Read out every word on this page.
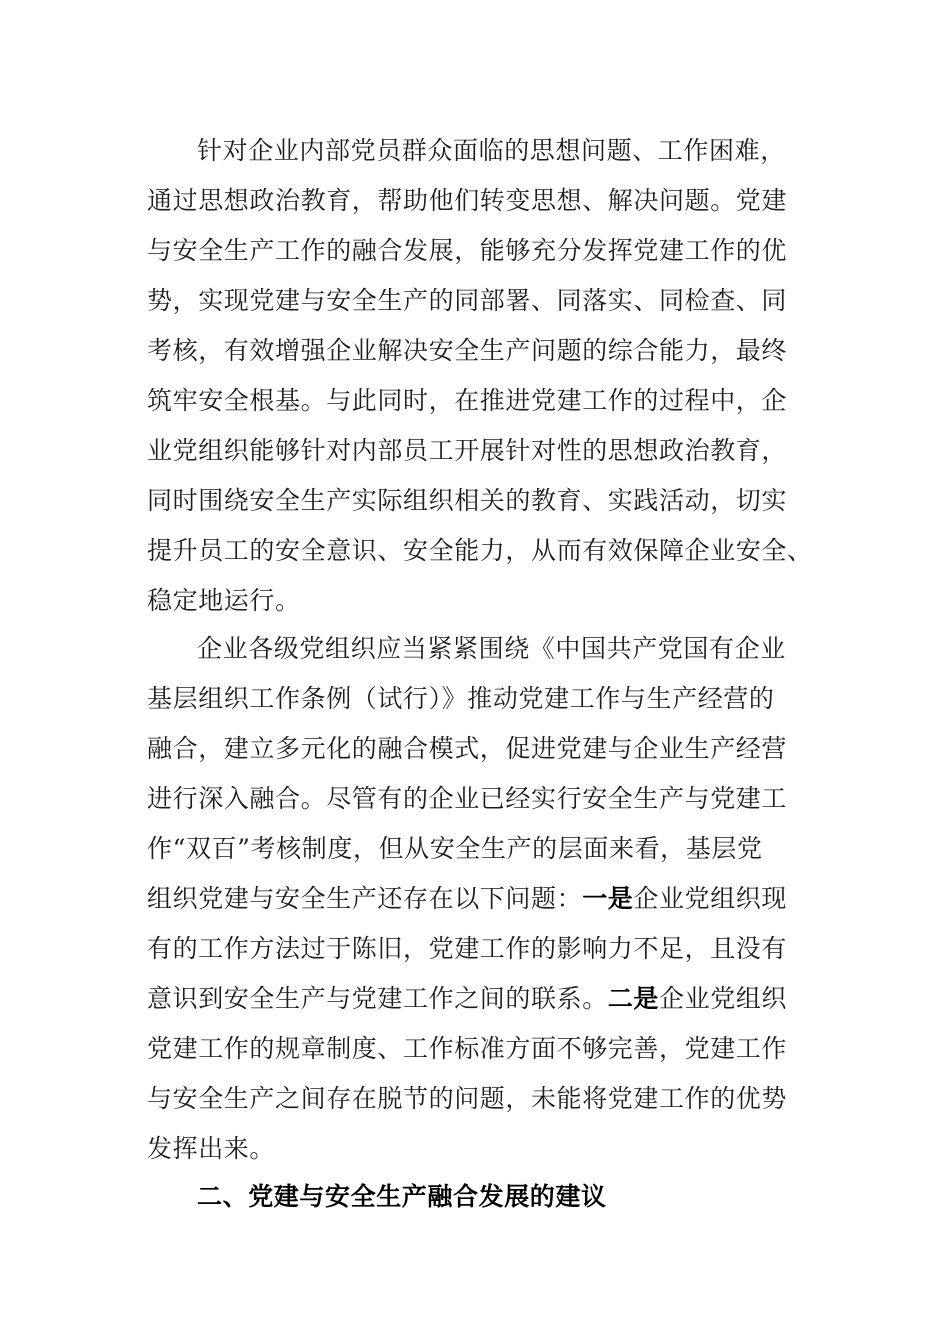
针对企业内部党员群众面临的思想问题、工作困难，
通过思想政治教育，帮助他们转变思想、解决问题。党建
与安全生产工作的融合发展，能够充分发挥党建工作的优
势，实现党建与安全生产的同部署、同落实、同检查、同
考核，有效增强企业解决安全生产问题的综合能力，最终
筑牢安全根基。与此同时，在推进党建工作的过程中，企
业党组织能够针对内部员工开展针对性的思想政治教育，
同时围绕安全生产实际组织相关的教育、实践活动，切实
提升员工的安全意识、安全能力，从而有效保障企业安全、
稳定地运行。
企业各级党组织应当紧紧围绕《中国共产党国有企业
基层组织工作条例（试行）》推动党建工作与生产经营的
融合，建立多元化的融合模式，促进党建与企业生产经营
进行深入融合。尽管有的企业已经实行安全生产与党建工
作“双百”考核制度，但从安全生产的层面来看，基层党
组织党建与安全生产还存在以下问题：一是企业党组织现
有的工作方法过于陈旧，党建工作的影响力不足，且没有
意识到安全生产与党建工作之间的联系。二是企业党组织
党建工作的规章制度、工作标准方面不够完善，党建工作
与安全生产之间存在脱节的问题，未能将党建工作的优势
发挥出来。
二、党建与安全生产融合发展的建议
